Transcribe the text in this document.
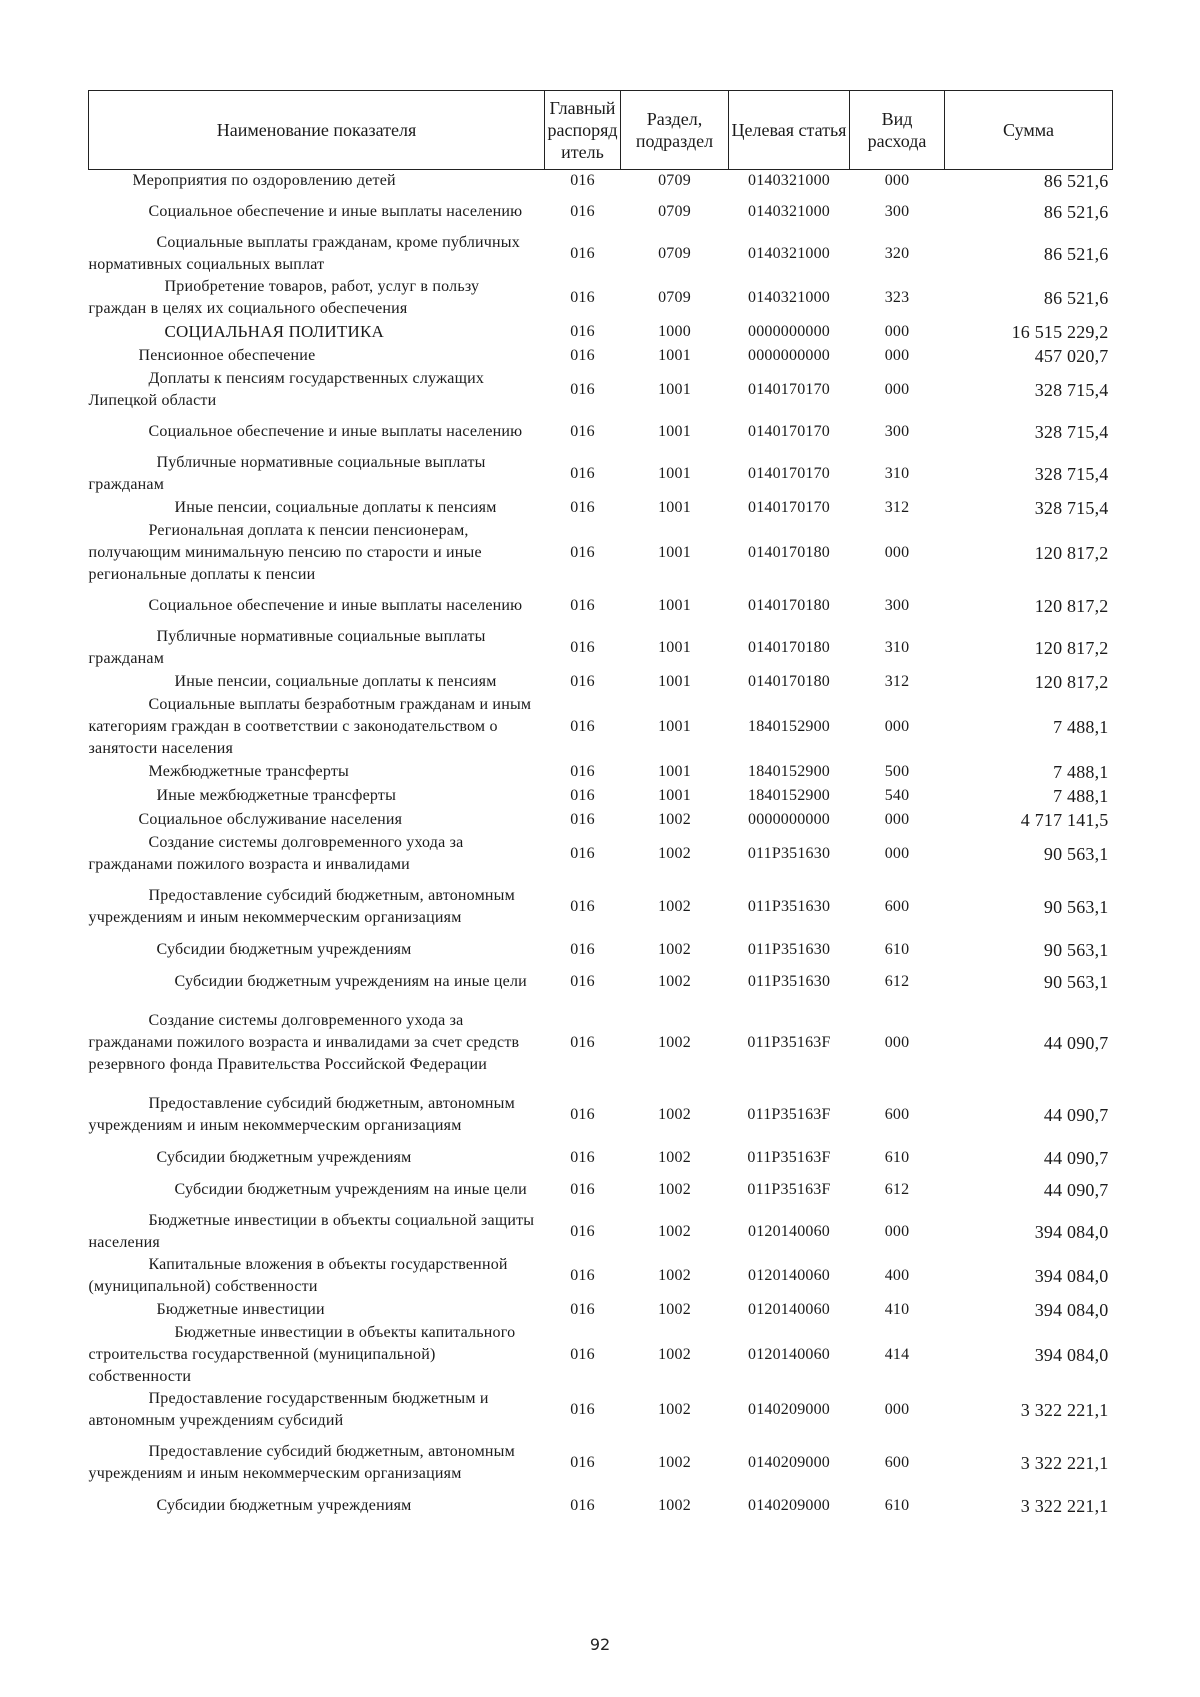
Наименование показателя	Главный распоряд итель	Раздел, подраздел	Целевая статья	Вид расхода	Сумма
Мероприятия по оздоровлению детей	016	0709	0140321000	000	86 521,6
Социальное обеспечение и иные выплаты населению	016	0709	0140321000	300	86 521,6
Социальные выплаты гражданам, кроме публичных нормативных социальных выплат	016	0709	0140321000	320	86 521,6
Приобретение товаров, работ, услуг в пользу граждан в целях их социального обеспечения	016	0709	0140321000	323	86 521,6
СОЦИАЛЬНАЯ ПОЛИТИКА	016	1000	0000000000	000	16 515 229,2
Пенсионное обеспечение	016	1001	0000000000	000	457 020,7
Доплаты к пенсиям государственных служащих Липецкой области	016	1001	0140170170	000	328 715,4
Социальное обеспечение и иные выплаты населению	016	1001	0140170170	300	328 715,4
Публичные нормативные социальные выплаты гражданам	016	1001	0140170170	310	328 715,4
Иные пенсии, социальные доплаты к пенсиям	016	1001	0140170170	312	328 715,4
Региональная доплата к пенсии пенсионерам, получающим минимальную пенсию по старости и иные региональные доплаты к пенсии	016	1001	0140170180	000	120 817,2
Социальное обеспечение и иные выплаты населению	016	1001	0140170180	300	120 817,2
Публичные нормативные социальные выплаты гражданам	016	1001	0140170180	310	120 817,2
Иные пенсии, социальные доплаты к пенсиям	016	1001	0140170180	312	120 817,2
Социальные выплаты безработным гражданам и иным категориям граждан в соответствии с законодательством о занятости населения	016	1001	1840152900	000	7 488,1
Межбюджетные трансферты	016	1001	1840152900	500	7 488,1
Иные межбюджетные трансферты	016	1001	1840152900	540	7 488,1
Социальное обслуживание населения	016	1002	0000000000	000	4 717 141,5
Создание системы долговременного ухода за гражданами пожилого возраста и инвалидами	016	1002	011P351630	000	90 563,1
Предоставление субсидий бюджетным, автономным учреждениям и иным некоммерческим организациям	016	1002	011P351630	600	90 563,1
Субсидии бюджетным учреждениям	016	1002	011P351630	610	90 563,1
Субсидии бюджетным учреждениям на иные цели	016	1002	011P351630	612	90 563,1
Создание системы долговременного ухода за гражданами пожилого возраста и инвалидами за счет средств резервного фонда Правительства Российской Федерации	016	1002	011P35163F	000	44 090,7
Предоставление субсидий бюджетным, автономным учреждениям и иным некоммерческим организациям	016	1002	011P35163F	600	44 090,7
Субсидии бюджетным учреждениям	016	1002	011P35163F	610	44 090,7
Субсидии бюджетным учреждениям на иные цели	016	1002	011P35163F	612	44 090,7
Бюджетные инвестиции в объекты социальной защиты населения	016	1002	0120140060	000	394 084,0
Капитальные вложения в объекты государственной (муниципальной) собственности	016	1002	0120140060	400	394 084,0
Бюджетные инвестиции	016	1002	0120140060	410	394 084,0
Бюджетные инвестиции в объекты капитального строительства государственной (муниципальной) собственности	016	1002	0120140060	414	394 084,0
Предоставление государственным бюджетным и автономным учреждениям субсидий	016	1002	0140209000	000	3 322 221,1
Предоставление субсидий бюджетным, автономным учреждениям и иным некоммерческим организациям	016	1002	0140209000	600	3 322 221,1
Субсидии бюджетным учреждениям	016	1002	0140209000	610	3 322 221,1
92
